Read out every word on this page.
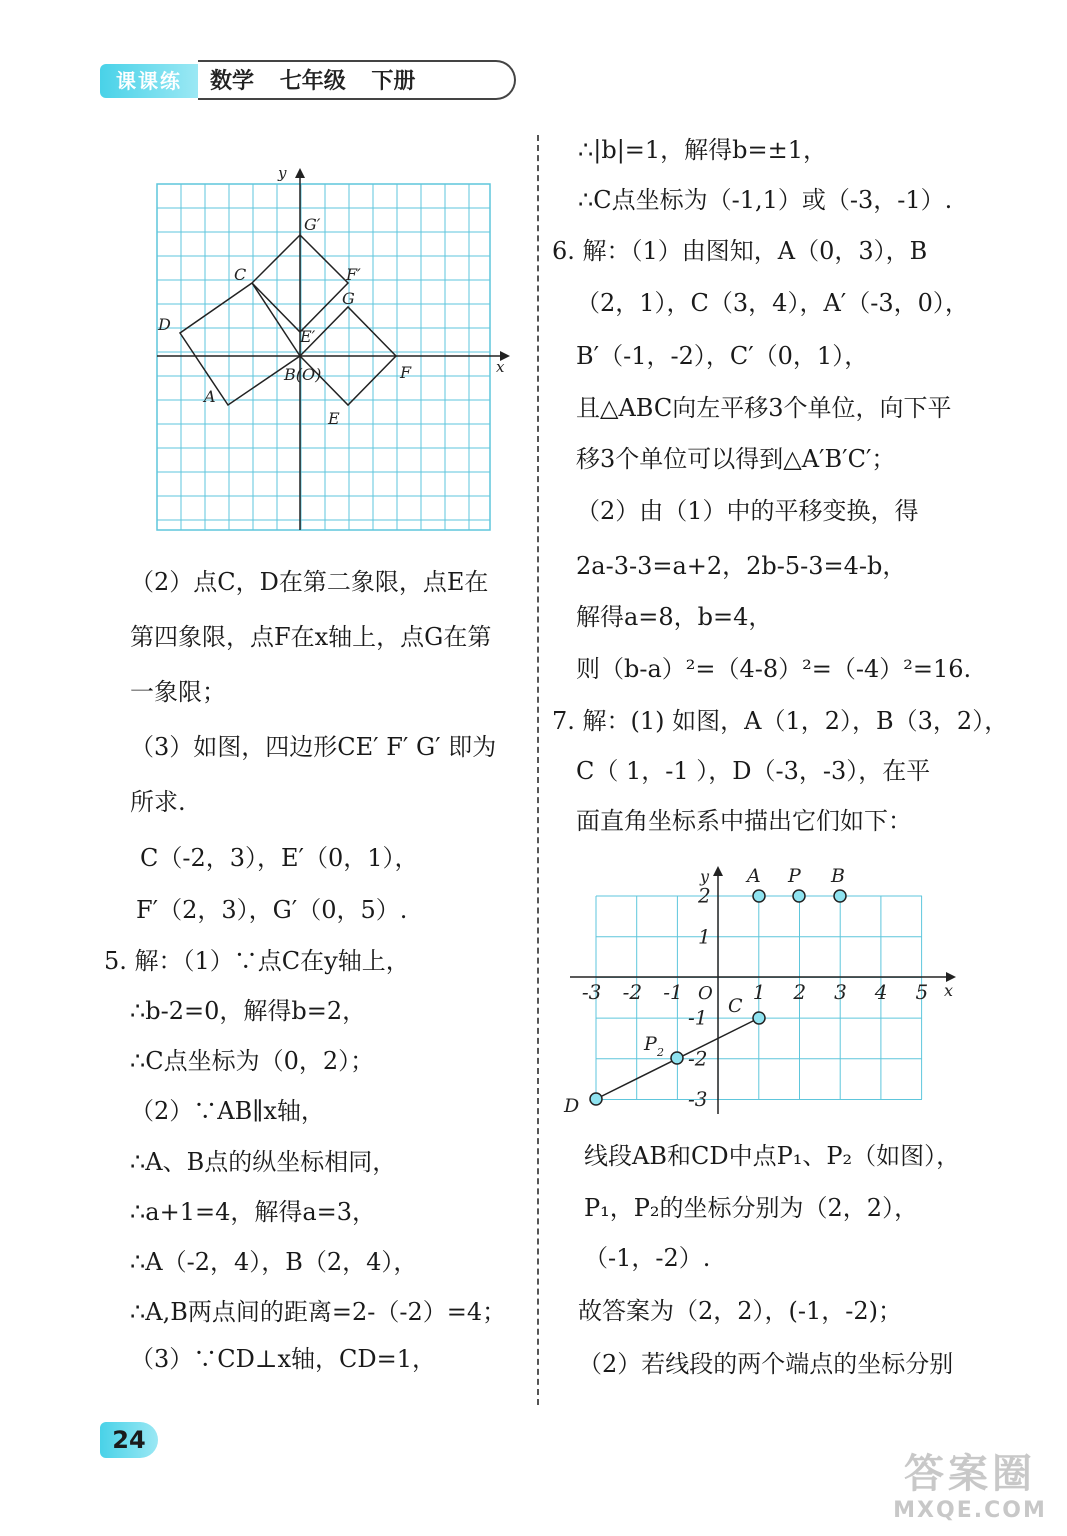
课课练	数学 七年级 下册
x
y
G′
C	F′
G
D
E′
B(O)	F
A
E
（2）点C，D在第二象限，点E在
第四象限，点F在x轴上，点G在第
一象限；
（3）如图，四边形CE′ F′ G′ 即为
所求.
C（-2，3），E′（0，1），
F′（2，3），G′（0，5）.
5. 解：（1）∵点C在y轴上，
∴b-2=0，解得b=2，
∴C点坐标为（0，2）；
（2）∵AB∥x轴，
∴A、B点的纵坐标相同，
∴a+1=4，解得a=3，
∴A（-2，4），B（2，4），
∴A,B两点间的距离=2-（-2）=4；
（3）∵CD⊥x轴，CD=1，
∴|b|=1，解得b=±1，
∴C点坐标为（-1,1）或（-3，-1）.
6. 解：（1）由图知，A（0，3），B
（2，1），C（3，4），A′（-3，0），
B′（-1，-2），C′（0，1），
且△ABC向左平移3个单位，向下平
移3个单位可以得到△A′B′C′；
（2）由（1）中的平移变换，得
2a-3-3=a+2，2b-5-3=4-b，
解得a=8，b=4，
则（b-a）²=（4-8）²=（-4）²=16.
7. 解：(1) 如图，A（1，2），B（3，2），
C（ 1，-1 ），D（-3，-3），在平
面直角坐标系中描出它们如下：
x
y
O
-3 -2 -1	1 2 3 4 5
2
1
-1
-2
-3
A P B
C
P 2
D
线段AB和CD中点P₁、P₂（如图），
P₁，P₂的坐标分别为（2，2），
（-1，-2）.
故答案为（2，2），(-1，-2)；
（2）若线段的两个端点的坐标分别
24
答案圈
MXQE.COM
